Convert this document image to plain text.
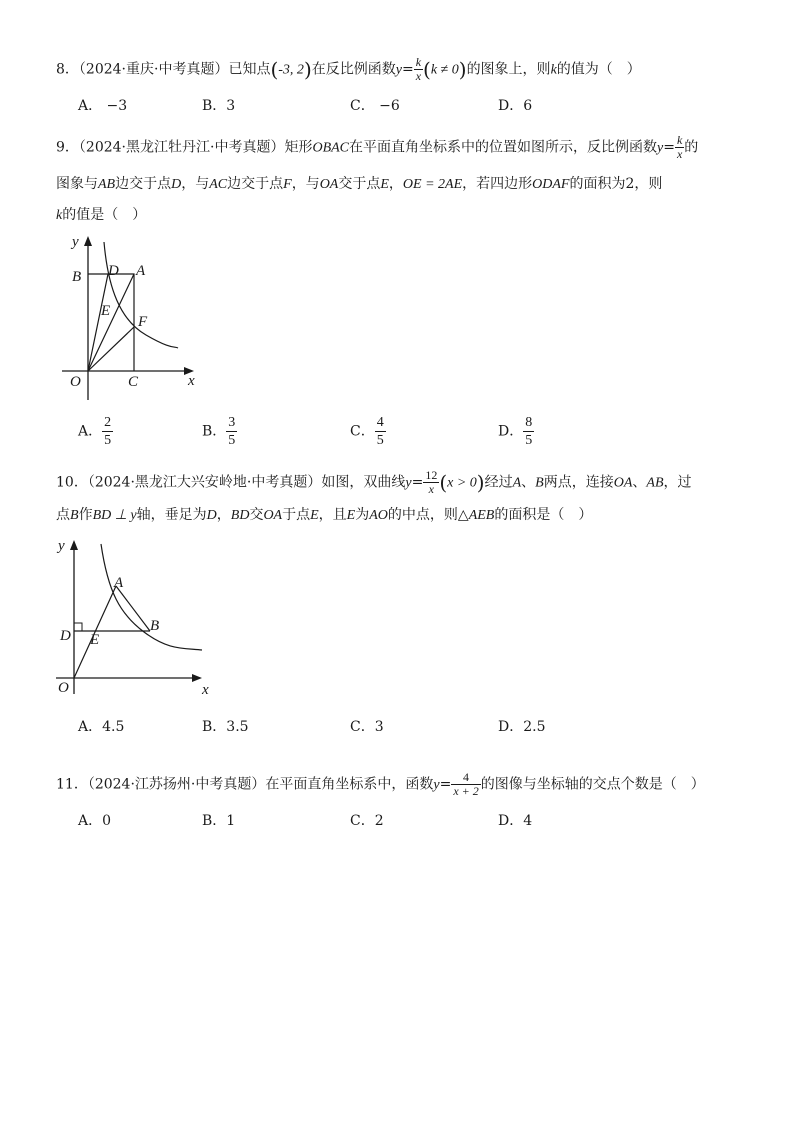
8．（2024·重庆·中考真题）已知点(-3, 2)在反比例函数$y= \frac{k}{x} (k \ne 0)$的图象上，则k的值为（　）
A． −3	B．3	C． −6	D．6
9．（2024·黑龙江牡丹江·中考真题）矩形OBAC在平面直角坐标系中的位置如图所示，反比例函数$y= \frac{k}{x}$ 的
图象与AB边交于点D，与AC边交于点F，与OA交于点E，OE = 2AE，若四边形ODAF的面积为2，则
k的值是（　）
y
x
B D A
E
F
O	C
A． $\frac{2}{5}$	B． $\frac{3}{5}$	C． $\frac{4}{5}$	D． $\frac{8}{5}$
10．（2024·黑龙江大兴安岭地·中考真题）如图，双曲线$y= \frac{12}{x} (x > 0)$经过A、B两点，连接OA、AB，过
点B作BD ⊥ y轴，垂足为D，BD交OA于点E，且E为AO的中点，则△AEB的面积是（　）
y
x
A
B
D E
O
A．4.5	B．3.5	C．3	D．2.5
11．（2024·江苏扬州·中考真题）在平面直角坐标系中，函数$y= \frac{4}{x + 2}$ 的图像与坐标轴的交点个数是（　）
A．0	B．1	C．2	D．4
